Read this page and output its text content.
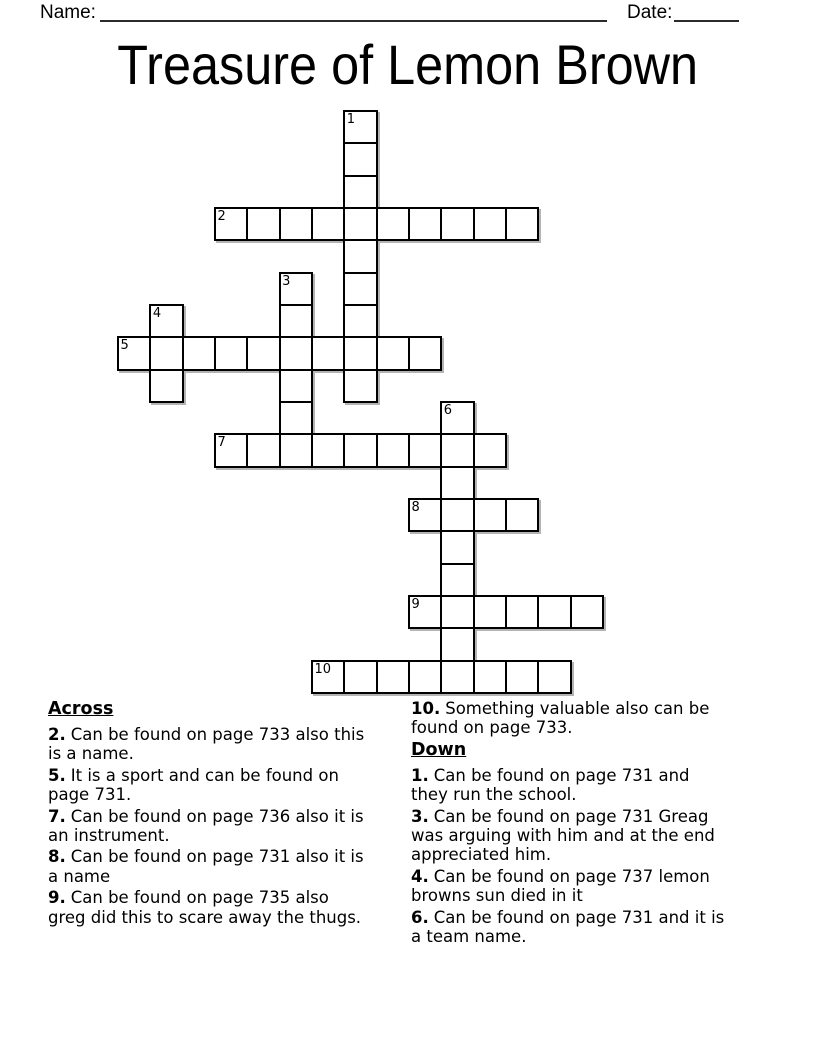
Name:	Date:
Treasure of Lemon Brown
1
2
3
4
5
6
7
8
9
10
Across
2. Can be found on page 733 also this
is a name.
5. It is a sport and can be found on
page 731.
7. Can be found on page 736 also it is
an instrument.
8. Can be found on page 731 also it is
a name
9. Can be found on page 735 also
greg did this to scare away the thugs.
10. Something valuable also can be
found on page 733.
Down
1. Can be found on page 731 and
they run the school.
3. Can be found on page 731 Greag
was arguing with him and at the end
appreciated him.
4. Can be found on page 737 lemon
browns sun died in it
6. Can be found on page 731 and it is
a team name.
